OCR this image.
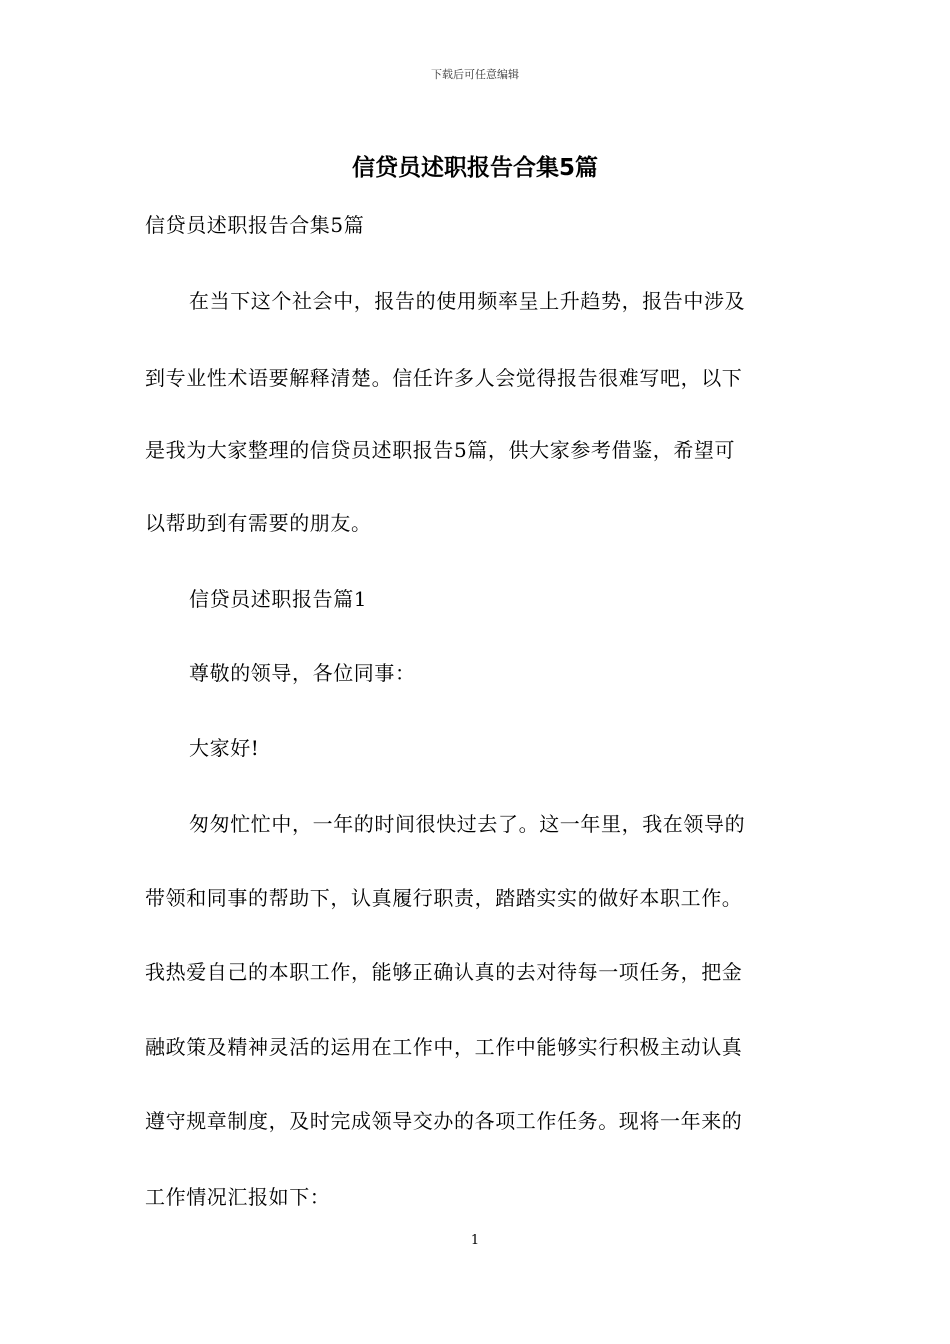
下载后可任意编辑
信贷员述职报告合集5篇
信贷员述职报告合集5篇
在当下这个社会中，报告的使用频率呈上升趋势，报告中涉及
到专业性术语要解释清楚。信任许多人会觉得报告很难写吧，以下
是我为大家整理的信贷员述职报告5篇，供大家参考借鉴，希望可
以帮助到有需要的朋友。
信贷员述职报告篇1
尊敬的领导，各位同事：
大家好!
匆匆忙忙中，一年的时间很快过去了。这一年里，我在领导的
带领和同事的帮助下，认真履行职责，踏踏实实的做好本职工作。
我热爱自己的本职工作，能够正确认真的去对待每一项任务，把金
融政策及精神灵活的运用在工作中，工作中能够实行积极主动认真
遵守规章制度，及时完成领导交办的各项工作任务。现将一年来的
工作情况汇报如下：
1
